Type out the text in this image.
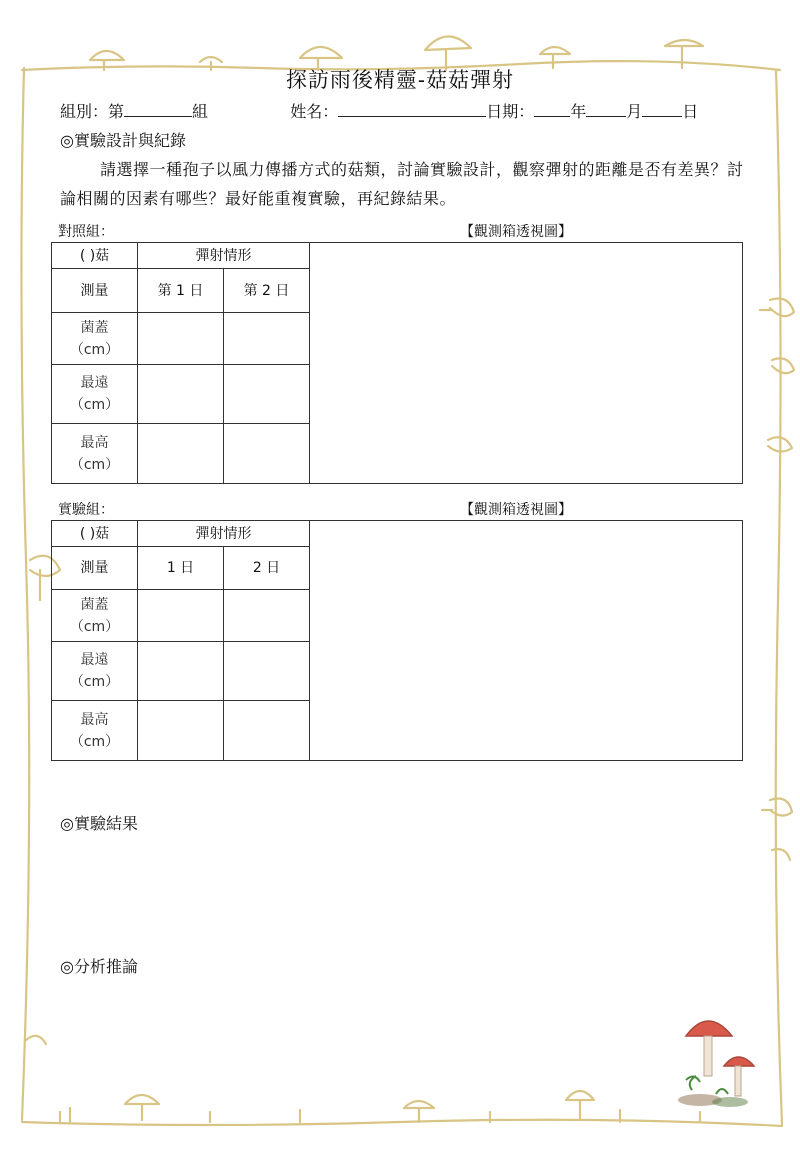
探訪雨後精靈-菇菇彈射
組別：第	組	姓名：	日期： 年	月	日
◎實驗設計與紀錄
請選擇一種孢子以風力傳播方式的菇類，討論實驗設計，觀察彈射的距離是否有差異？討論相關的因素有哪些？最好能重複實驗，再紀錄結果。
對照組：	【觀測箱透視圖】
( )菇	彈射情形		
測量	第 1 日	第 2 日	

菌蓋
（cm）			

最遠
（cm）			

最高
（cm）			

實驗組：	【觀測箱透視圖】
( )菇	彈射情形		
測量	1 日	2 日	

菌蓋
（cm）			

最遠
（cm）			

最高
（cm）			

◎實驗結果
◎分析推論
